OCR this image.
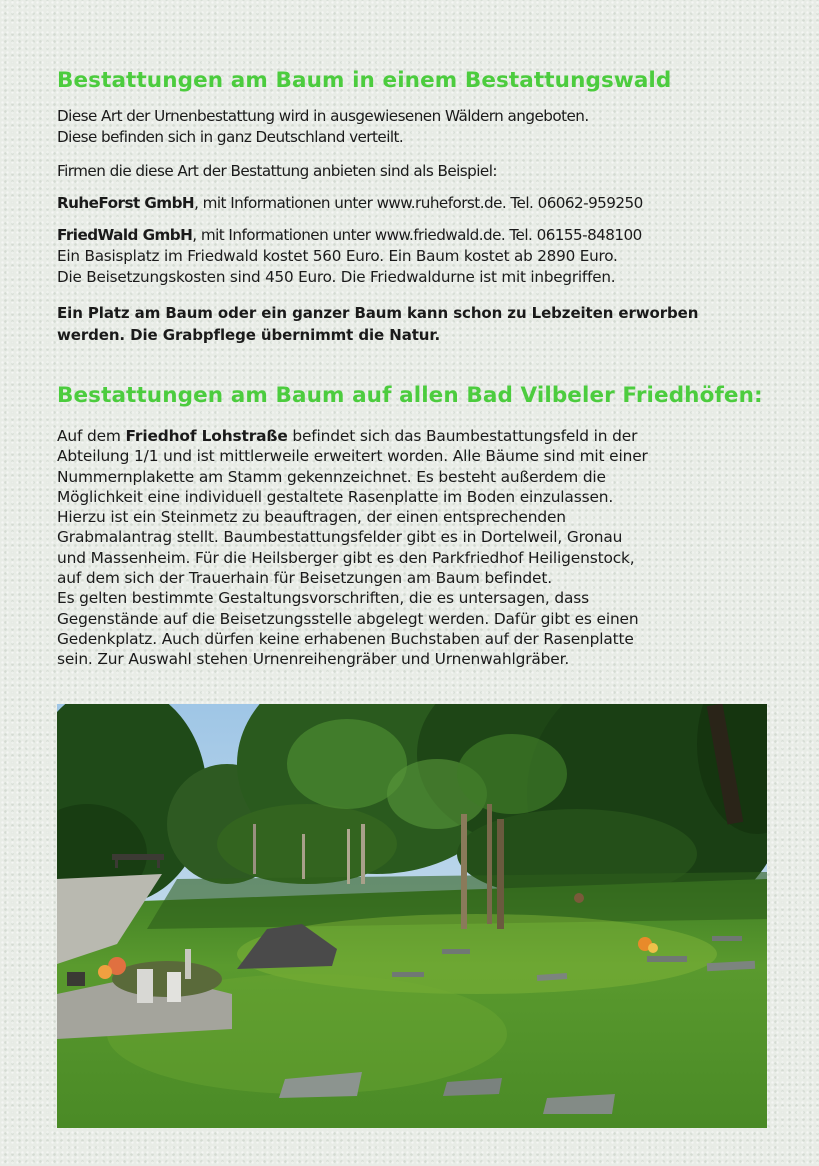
Bestattungen am Baum in einem Bestattungswald

Diese Art der Urnenbestattung wird in ausgewiesenen Wäldern angeboten.

Diese befinden sich in ganz Deutschland verteilt.

Firmen die diese Art der Bestattung anbieten sind als Beispiel:

RuheForst GmbH, mit Informationen unter www.ruheforst.de. Tel. 06062-959250

FriedWald GmbH, mit Informationen unter www.friedwald.de. Tel. 06155-848100

Ein Basisplatz im Friedwald kostet 560 Euro. Ein Baum kostet ab 2890 Euro.

Die Beisetzungskosten sind 450 Euro. Die Friedwaldurne ist mit inbegriffen.

Ein Platz am Baum oder ein ganzer Baum kann schon zu Lebzeiten erworben
werden. Die Grabpflege übernimmt die Natur.
Bestattungen am Baum auf allen Bad Vilbeler Friedhöfen:
Auf dem Friedhof Lohstraße befindet sich das Baumbestattungsfeld in der
Abteilung 1/1 und ist mittlerweile erweitert worden. Alle Bäume sind mit einer
Nummernplakette am Stamm gekennzeichnet. Es besteht außerdem die
Möglichkeit eine individuell gestaltete Rasenplatte im Boden einzulassen.
Hierzu ist ein Steinmetz zu beauftragen, der einen entsprechenden
Grabmalantrag stellt. Baumbestattungsfelder gibt es in Dortelweil, Gronau
und Massenheim. Für die Heilsberger gibt es den Parkfriedhof Heiligenstock,
auf dem sich der Trauerhain für Beisetzungen am Baum befindet.
Es gelten bestimmte Gestaltungsvorschriften, die es untersagen, dass
Gegenstände auf die Beisetzungsstelle abgelegt werden. Dafür gibt es einen
Gedenkplatz. Auch dürfen keine erhabenen Buchstaben auf der Rasenplatte
sein. Zur Auswahl stehen Urnenreihengräber und Urnenwahlgräber.
